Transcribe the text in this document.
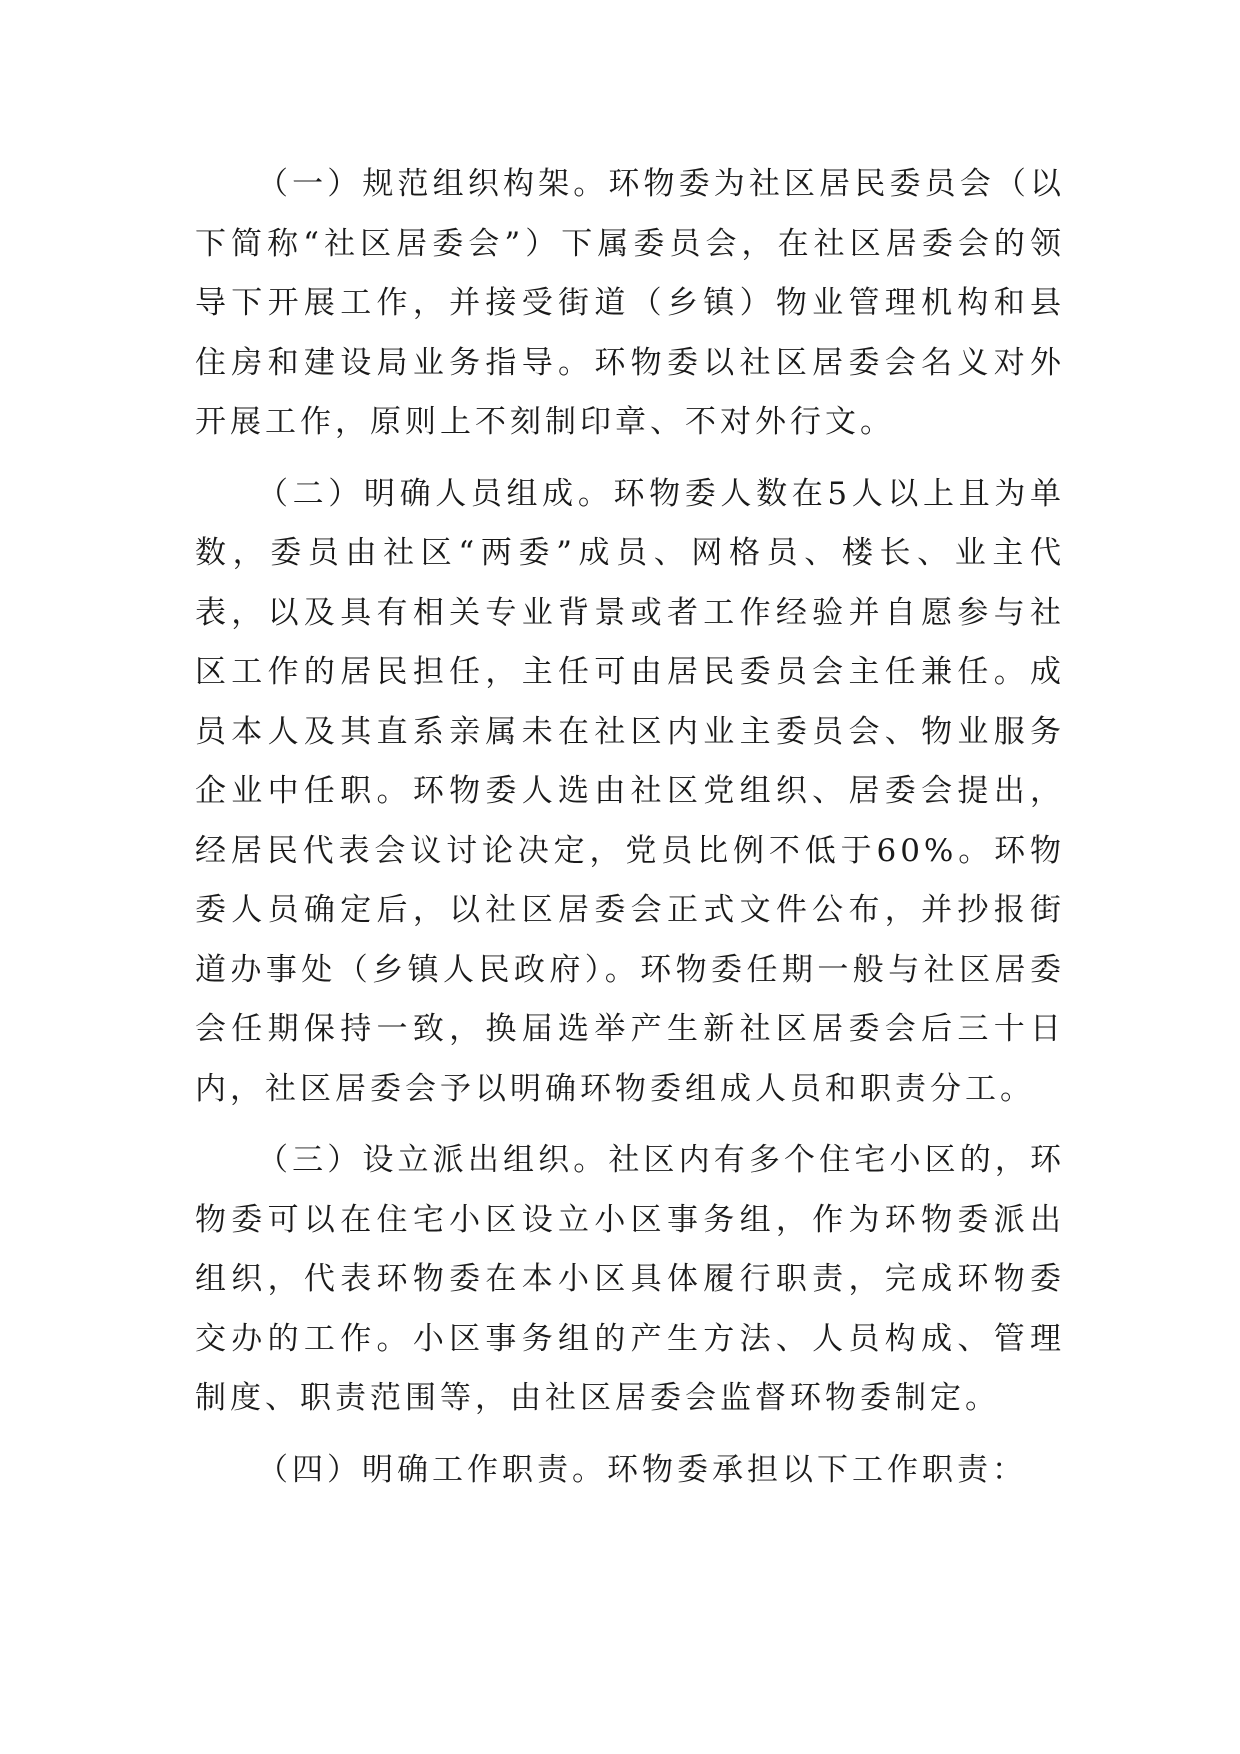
（一）规范组织构架。环物委为社区居民委员会（以下简称“社区居委会”）下属委员会，在社区居委会的领导下开展工作，并接受街道（乡镇）物业管理机构和县住房和建设局业务指导。环物委以社区居委会名义对外开展工作，原则上不刻制印章、不对外行文。

（二）明确人员组成。环物委人数在5人以上且为单数，委员由社区“两委”成员、网格员、楼长、业主代表，以及具有相关专业背景或者工作经验并自愿参与社区工作的居民担任，主任可由居民委员会主任兼任。成员本人及其直系亲属未在社区内业主委员会、物业服务企业中任职。环物委人选由社区党组织、居委会提出，经居民代表会议讨论决定，党员比例不低于60%。环物委人员确定后，以社区居委会正式文件公布，并抄报街道办事处（乡镇人民政府）。环物委任期一般与社区居委会任期保持一致，换届选举产生新社区居委会后三十日内，社区居委会予以明确环物委组成人员和职责分工。

（三）设立派出组织。社区内有多个住宅小区的，环物委可以在住宅小区设立小区事务组，作为环物委派出组织，代表环物委在本小区具体履行职责，完成环物委交办的工作。小区事务组的产生方法、人员构成、管理制度、职责范围等，由社区居委会监督环物委制定。

（四）明确工作职责。环物委承担以下工作职责：
